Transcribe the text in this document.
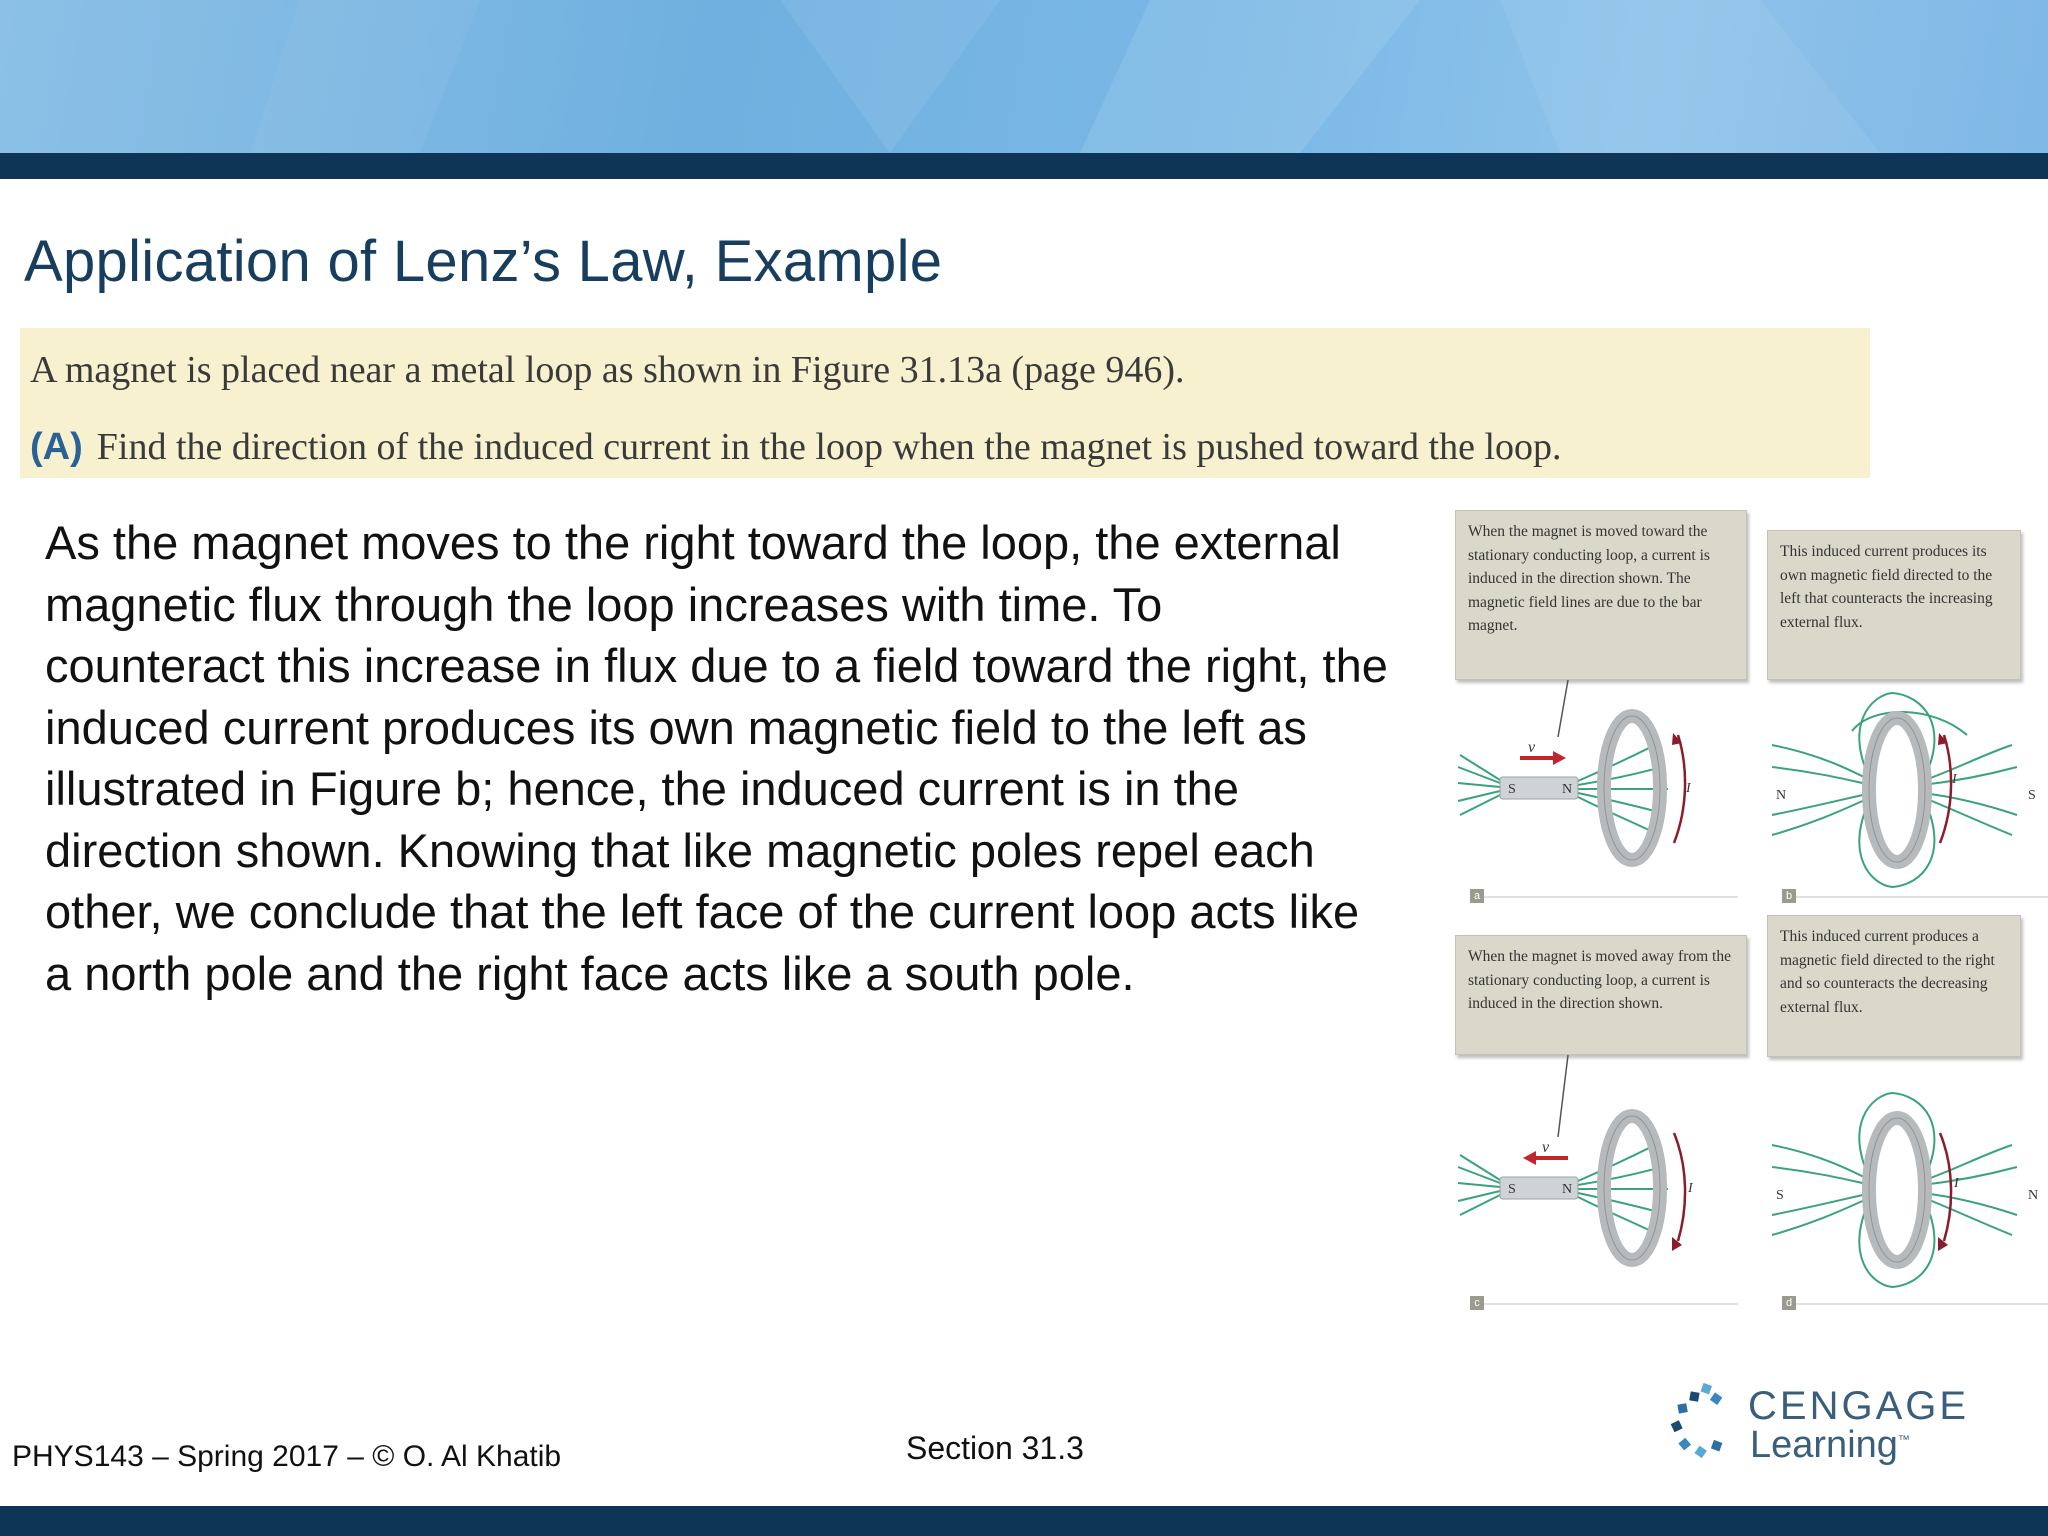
Application of Lenz’s Law, Example
A magnet is placed near a metal loop as shown in Figure 31.13a (page 946).
(A) Find the direction of the induced current in the loop when the magnet is pushed toward the loop.

As the magnet moves to the right toward the loop, the external magnetic flux through the loop increases with time. To counteract this increase in flux due to a field toward the right, the induced current produces its own magnetic field to the left as illustrated in Figure b; hence, the induced current is in the direction shown. Knowing that like magnetic poles repel each other, we conclude that the left face of the current loop acts like a north pole and the right face acts like a south pole.

When the magnet is moved toward the stationary conducting loop, a current is induced in the direction shown. The magnetic field lines are due to the bar magnet.
S	N
v⃗
I
a
This induced current produces its own magnetic field directed to the left that counteracts the increasing external flux.
N	S
I
b
When the magnet is moved away from the stationary conducting loop, a current is induced in the direction shown.
S	N
v⃗
I
c
This induced current produces a magnetic field directed to the right and so counteracts the decreasing external flux.
S	N
I
d
PHYS143 – Spring 2017 – © O. Al Khatib	Section 31.3
CENGAGE
Learning™
